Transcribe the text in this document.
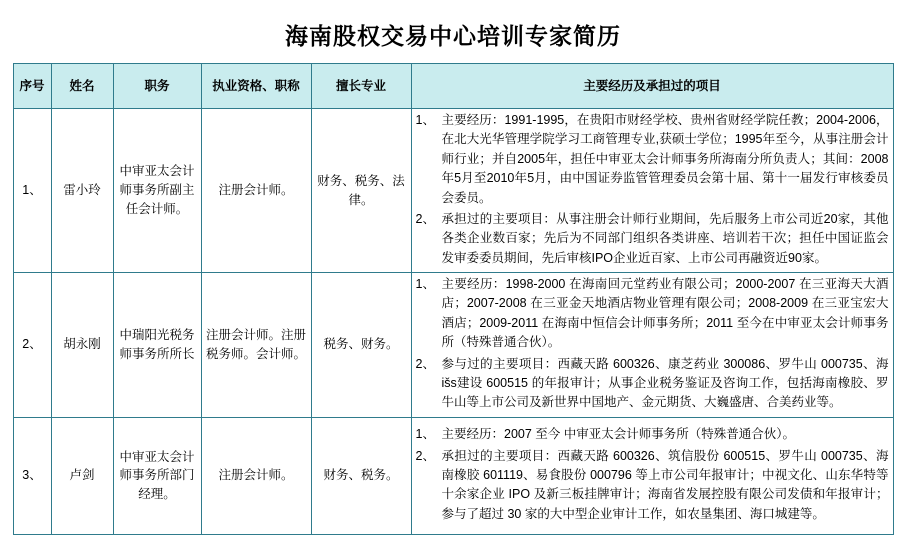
海南股权交易中心培训专家简历
序号	姓名	职务	执业资格、职称	擅长专业	主要经历及承担过的项目
1、	雷小玲	中审亚太会计师事务所副主任会计师。	注册会计师。	财务、税务、法律。	
1、 主要经历：1991-1995，在贵阳市财经学校、贵州省财经学院任教；2004-2006，在北大光华管理学院学习工商管理专业,获硕士学位；1995年至今，从事注册会计师行业；并自2005年，担任中审亚太会计师事务所海南分所负责人；其间：2008年5月至2010年5月，由中国证券监管管理委员会第十届、第十一届发行审核委员会委员。
2、 承担过的主要项目：从事注册会计师行业期间，先后服务上市公司近20家，其他各类企业数百家；先后为不同部门组织各类讲座、培训若干次；担任中国证监会发审委委员期间，先后审核IPO企业近百家、上市公司再融资近90家。

2、	胡永刚	中瑞阳光税务师事务所所长	注册会计师。注册税务师。会计师。	税务、财务。	
1、 主要经历：1998-2000 在海南回元堂药业有限公司；2000-2007 在三亚海天大酒店；2007-2008 在三亚金天地酒店物业管理有限公司；2008-2009 在三亚宝宏大酒店；2009-2011 在海南中恒信会计师事务所；2011 至今在中审亚太会计师事务所（特殊普通合伙）。
2、 参与过的主要项目：西藏天路 600326、康芝药业 300086、罗牛山 000735、海išs建设 600515 的年报审计；从事企业税务鉴证及咨询工作，包括海南橡胶、罗牛山等上市公司及新世界中国地产、金元期货、大巍盛唐、合美药业等。

3、	卢剑	中审亚太会计师事务所部门经理。	注册会计师。	财务、税务。	
1、 主要经历：2007 至今 中审亚太会计师事务所（特殊普通合伙）。
2、 承担过的主要项目：西藏天路 600326、筑信股份 600515、罗牛山 000735、海南橡胶 601119、易食股份 000796 等上市公司年报审计；中视文化、山东华特等十余家企业 IPO 及新三板挂牌审计；海南省发展控股有限公司发债和年报审计；参与了超过 30 家的大中型企业审计工作，如农垦集团、海口城建等。
